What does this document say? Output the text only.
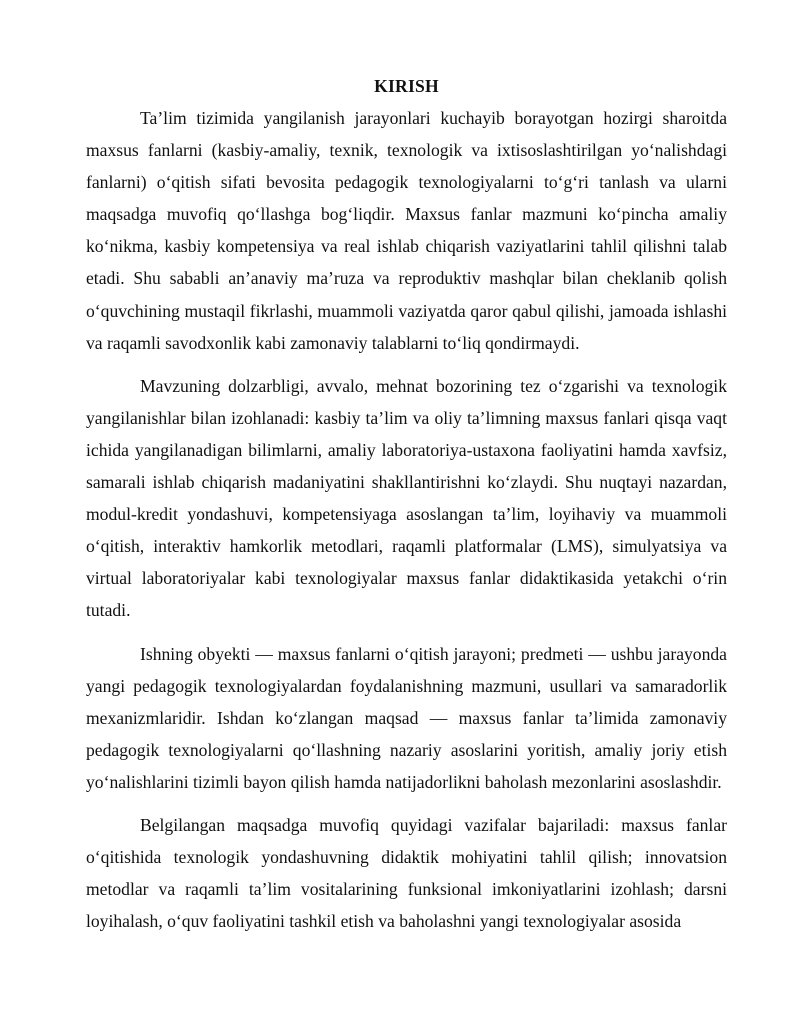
KIRISH

Ta’lim tizimida yangilanish jarayonlari kuchayib borayotgan hozirgi sharoitda maxsus fanlarni (kasbiy-amaliy, texnik, texnologik va ixtisoslashtirilgan yo‘nalishdagi fanlarni) o‘qitish sifati bevosita pedagogik texnologiyalarni to‘g‘ri tanlash va ularni maqsadga muvofiq qo‘llashga bog‘liqdir. Maxsus fanlar mazmuni ko‘pincha amaliy ko‘nikma, kasbiy kompetensiya va real ishlab chiqarish vaziyatlarini tahlil qilishni talab etadi. Shu sababli an’anaviy ma’ruza va reproduktiv mashqlar bilan cheklanib qolish o‘quvchining mustaqil fikrlashi, muammoli vaziyatda qaror qabul qilishi, jamoada ishlashi va raqamli savodxonlik kabi zamonaviy talablarni to‘liq qondirmaydi.

Mavzuning dolzarbligi, avvalo, mehnat bozorining tez o‘zgarishi va texnologik yangilanishlar bilan izohlanadi: kasbiy ta’lim va oliy ta’limning maxsus fanlari qisqa vaqt ichida yangilanadigan bilimlarni, amaliy laboratoriya-ustaxona faoliyatini hamda xavfsiz, samarali ishlab chiqarish madaniyatini shakllantirishni ko‘zlaydi. Shu nuqtayi nazardan, modul-kredit yondashuvi, kompetensiyaga asoslangan ta’lim, loyihaviy va muammoli o‘qitish, interaktiv hamkorlik metodlari, raqamli platformalar (LMS), simulyatsiya va virtual laboratoriyalar kabi texnologiyalar maxsus fanlar didaktikasida yetakchi o‘rin tutadi.

Ishning obyekti — maxsus fanlarni o‘qitish jarayoni; predmeti — ushbu jarayonda yangi pedagogik texnologiyalardan foydalanishning mazmuni, usullari va samaradorlik mexanizmlaridir. Ishdan ko‘zlangan maqsad — maxsus fanlar ta’limida zamonaviy pedagogik texnologiyalarni qo‘llashning nazariy asoslarini yoritish, amaliy joriy etish yo‘nalishlarini tizimli bayon qilish hamda natijadorlikni baholash mezonlarini asoslashdir.

Belgilangan maqsadga muvofiq quyidagi vazifalar bajariladi: maxsus fanlar o‘qitishida texnologik yondashuvning didaktik mohiyatini tahlil qilish; innovatsion metodlar va raqamli ta’lim vositalarining funksional imkoniyatlarini izohlash; darsni loyihalash, o‘quv faoliyatini tashkil etish va baholashni yangi texnologiyalar asosida
